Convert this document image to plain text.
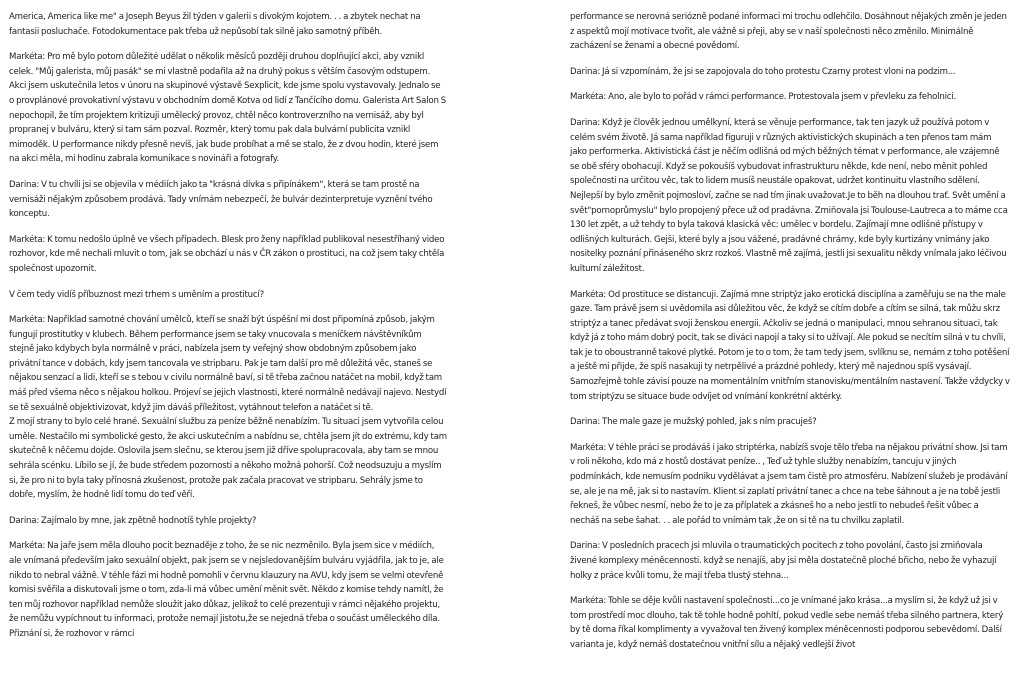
America, America like me" a Joseph Beyus žil týden v galerii s divokým kojotem. . . a zbytek nechat na fantasii posluchače. Fotodokumentace pak třeba už nepůsobí tak silně jako samotný příběh.

Markéta: Pro mě bylo potom důležité udělat o několik měsíců později druhou doplňující akci, aby vznikl celek. "Můj galerista, můj pasák" se mi vlastně podařila až na druhý pokus s větším časovým odstupem. Akci jsem uskutečnila letos v únoru na skupinové výstavě Sexplicit, kde jsme spolu vystavovaly. Jednalo se o provplánové provokativní výstavu v obchodním domě Kotva od lidí z Tančícího domu. Galerista Art Salon S nepochopil, že tím projektem kritizuji umělecký provoz, chtěl něco kontroverzního na vernisáž, aby byl propranej v bulváru, který si tam sám pozval. Rozměr, který tomu pak dala bulvární publicita vznikl mimoděk. U performance nikdy přesně nevíš, jak bude probíhat a mě se stalo, že z dvou hodin, které jsem na akci měla, mi hodinu zabrala komunikace s novináři a fotografy.

Darina: V tu chvíli jsi se objevila v médiích jako ta "krásná dívka s připínákem", která se tam prostě na vernisáži nějakým způsobem prodává. Tady vnímám nebezpečí, že bulvár dezinterpretuje vyznění tvého konceptu.

Markéta: K tomu nedošlo úplně ve všech případech. Blesk pro ženy například publikoval nesestříhaný video rozhovor, kde mě nechali mluvit o tom, jak se obchází u nás v ČR zákon o prostituci, na což jsem taky chtěla společnost upozornit.

V čem tedy vidíš příbuznost mezi trhem s uměním a prostitucí?

Markéta: Například samotné chování umělců, kteří se snaží být úspěšní mi dost připomíná způsob, jakým fungují prostitutky v klubech. Během performance jsem se taky vnucovala s meníčkem návštěvníkům stejně jako kdybych byla normálně v práci, nabízela jsem ty veřejný show obdobným způsobem jako privátní tance v dobách, kdy jsem tancovala ve stripbaru. Pak je tam další pro mě důležitá věc, staneš se nějakou senzací a lidi, kteří se s tebou v civilu normálně baví, si tě třeba začnou natáčet na mobil, když tam máš před všema něco s nějakou holkou. Projeví se jejich vlastnosti, které normálně nedávají najevo. Nestydí se tě sexuálně objektivizovat, když jim dáváš příležitost, vytáhnout telefon a natáčet si tě.

Z mojí strany to bylo celé hrané. Sexuální službu za peníze běžně nenabízím. Tu situaci jsem vytvořila celou uměle. Nestačilo mi symbolické gesto, že akci uskutečním a nabídnu se, chtěla jsem jít do extrému, kdy tam skutečně k něčemu dojde. Oslovila jsem slečnu, se kterou jsem již dříve spolupracovala, aby tam se mnou sehrála scénku. Líbilo se jí, že bude středem pozornosti a někoho možná pohorší. Což neodsuzuju a myslím si, že pro ni to byla taky přínosná zkušenost, protože pak začala pracovat ve stripbaru. Sehrály jsme to dobře, myslím, že hodně lidí tomu do teď věří.

Darina: Zajímalo by mne, jak zpětně hodnotíš tyhle projekty?

Markéta: Na jaře jsem měla dlouho pocit beznaděje z toho, že se nic nezměnilo. Byla jsem sice v médiích, ale vnímaná především jako sexuální objekt, pak jsem se v nejsledovanějším bulváru vyjádřila, jak to je, ale nikdo to nebral vážně. V téhle fázi mi hodně pomohli v červnu klauzury na AVU, kdy jsem se velmi otevřeně komisi svěřila a diskutovali jsme o tom, zda-li má vůbec umění měnit svět. Někdo z komise tehdy namítl, že ten můj rozhovor například nemůže sloužit jako důkaz, jelikož to celé prezentuji v rámci nějakého projektu, že nemůžu vypíchnout tu informaci, protože nemají jistotu,že se nejedná třeba o součást uměleckého díla. Přiznání si, že rozhovor v rámci

performance se nerovná seriózně podané informaci mi trochu odlehčilo. Dosáhnout nějakých změn je jeden z aspektů mojí motivace tvořit, ale vážně si přeji, aby se v naší společnosti něco změnilo. Minimálně zacházení se ženami a obecné povědomí.

Darina: Já si vzpomínám, že jsi se zapojovala do toho protestu Czarny protest vloni na podzim...

Markéta: Ano, ale bylo to pořád v rámci performance. Protestovala jsem v převleku za feholnici.

Darina: Když je člověk jednou umělkyní, která se věnuje performance, tak ten jazyk už používá potom v celém svém životě. Já sama například figuruji v různých aktivistických skupinách a ten přenos tam mám jako performerka. Aktivistická část je něčím odlišná od mých běžných témat v performance, ale vzájemně se obě sféry obohacují. Když se pokoušíš vybudovat infrastrukturu někde, kde není, nebo měnit pohled společnosti na určitou věc, tak to lidem musíš neustále opakovat, udržet kontinuitu vlastního sdělení. Nejlepší by bylo změnit pojmosloví, začne se nad tím jinak uvažovat.Je to běh na dlouhou trať. Svět umění a svět"pornoprůmyslu" bylo propojený přece už od pradávna. Zmiňovala jsi Toulouse-Lautreca a to máme cca 130 let zpět, a už tehdy to byla taková klasická věc: umělec v bordelu. Zajímají mne odlišné přístupy v odlišných kulturách. Gejši, které byly a jsou vážené, pradávné chrámy, kde byly kurtizány vnímány jako nositelky poznání přináseného skrz rozkoš. Vlastně mě zajímá, jestli jsi sexualitu někdy vnímala jako léčivou kulturní záležitost.

Markéta: Od prostituce se distancuji. Zajímá mne striptýz jako erotická disciplína a zaměřuju se na the male gaze. Tam právě jsem si uvědomila asi důležitou věc, že když se cítím dobře a cítím se silná, tak můžu skrz striptýz a tanec předávat svoji ženskou energii. Ačkoliv se jedná o manipulaci, mnou sehranou situaci, tak když já z toho mám dobrý pocit, tak se diváci napojí a taky si to užívají. Ale pokud se necítím silná v tu chvíli, tak je to oboustranně takové plytké. Potom je to o tom, že tam tedy jsem, svlíknu se, nemám z toho potěšení a ještě mi přijde, že spíš nasakuji ty netrpělivé a prázdné pohledy, který mě najednou spíš vysávají. Samozřejmě tohle závisí pouze na momentálním vnitřním stanovisku/mentálním nastavení. Takže vždycky v tom striptýzu se situace bude odvíjet od vnímání konkrétní aktérky.

Darina: The male gaze je mužský pohled, jak s ním pracuješ?

Markéta: V téhle práci se prodáváš i jako striptérka, nabízíš svoje tělo třeba na nějakou privátní show. Jsi tam v roli někoho, kdo má z hostů dostávat peníze.. , Teď už tyhle služby nenabízím, tancuju v jiných podmínkách, kde nemusím podniku vydělávat a jsem tam čistě pro atmosféru. Nabízení služeb je prodávání se, ale je na mě, jak si to nastavím. Klient si zaplatí privátní tanec a chce na tebe šáhnout a je na tobě jestli řekneš, že vůbec nesmí, nebo že to je za příplatek a zkásneš ho a nebo jestli to nebudeš řešit vůbec a necháš na sebe šahat. . . ale pořád to vnímám tak ,že on si tě na tu chvilku zaplatil.

Darina: V posledních pracech jsi mluvila o traumatických pocitech z toho povolání, často jsi zmiňovala živené komplexy méněcennosti. když se nenajíš, aby jsi měla dostatečně ploché břicho, nebo že vyhazují holky z práce kvůli tomu, že mají třeba tlustý stehna...

Markéta: Tohle se děje kvůli nastavení společnosti...co je vnímané jako krása...a myslím si, že když už jsi v tom prostředí moc dlouho, tak tě tohle hodně pohltí, pokud vedle sebe nemáš třeba silného partnera, který by tě doma říkal komplimenty a vyvažoval ten živený komplex méněcennosti podporou sebevědomí. Další varianta je, když nemáš dostatečnou vnitřní sílu a nějaký vedlejší život
